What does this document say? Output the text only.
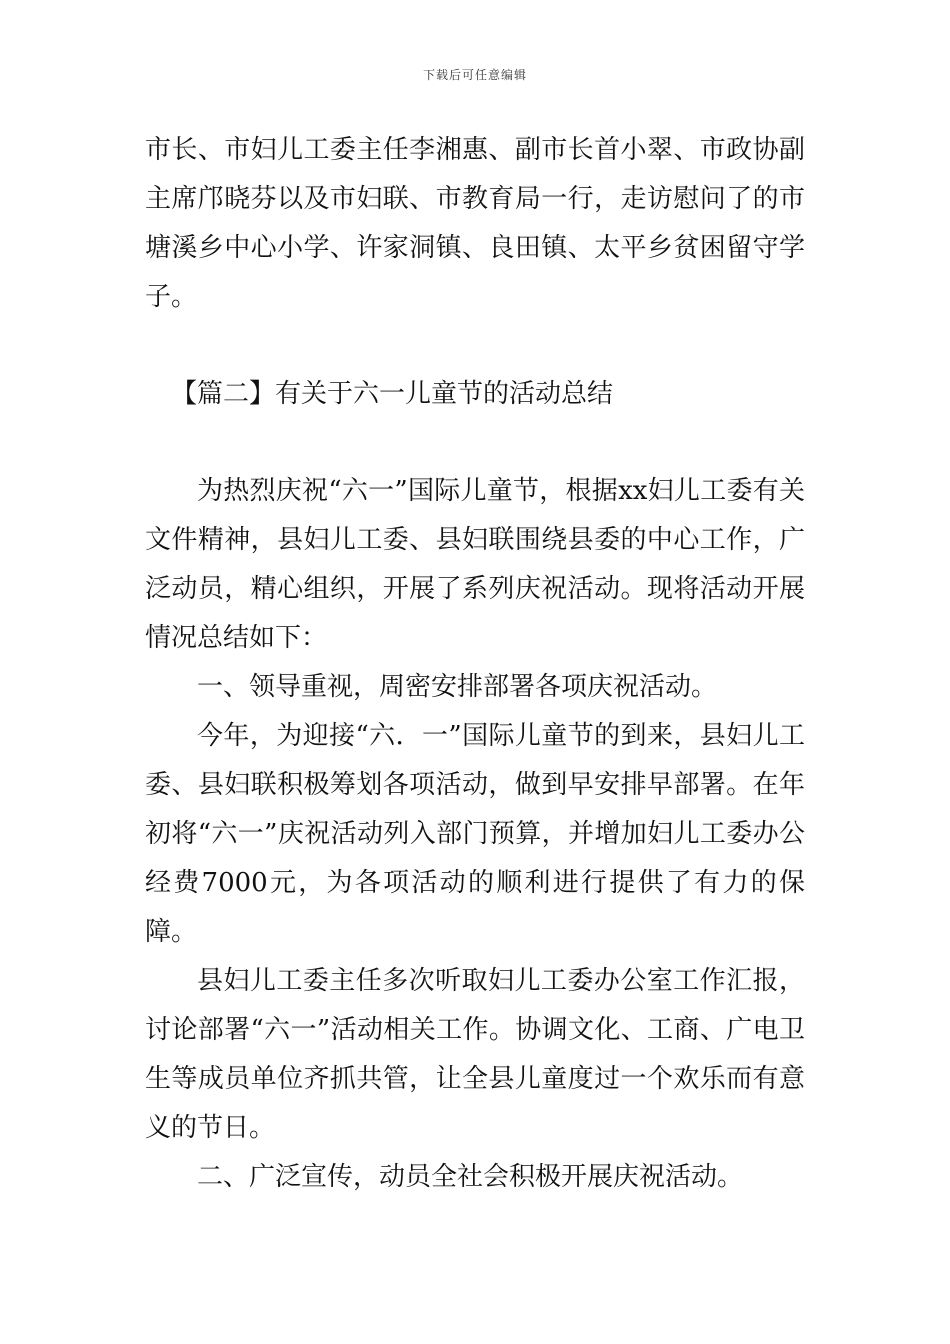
下载后可任意编辑

市长、市妇儿工委主任李湘惠、副市长首小翠、市政协副主席邝晓芬以及市妇联、市教育局一行，走访慰问了的市塘溪乡中心小学、许家洞镇、良田镇、太平乡贫困留守学子。

【篇二】有关于六一儿童节的活动总结

为热烈庆祝“六一”国际儿童节，根据xx妇儿工委有关文件精神，县妇儿工委、县妇联围绕县委的中心工作，广泛动员，精心组织，开展了系列庆祝活动。现将活动开展情况总结如下：

一、领导重视，周密安排部署各项庆祝活动。

今年，为迎接“六．一”国际儿童节的到来，县妇儿工委、县妇联积极筹划各项活动，做到早安排早部署。在年初将“六一”庆祝活动列入部门预算，并增加妇儿工委办公经费7000元，为各项活动的顺利进行提供了有力的保障。

县妇儿工委主任多次听取妇儿工委办公室工作汇报，讨论部署“六一”活动相关工作。协调文化、工商、广电卫生等成员单位齐抓共管，让全县儿童度过一个欢乐而有意义的节日。

二、广泛宣传，动员全社会积极开展庆祝活动。
